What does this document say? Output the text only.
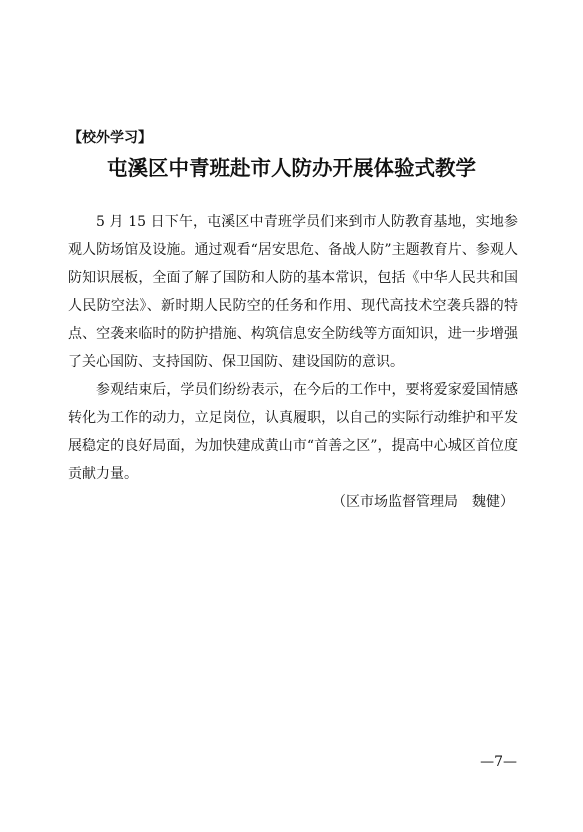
【校外学习】
屯溪区中青班赴市人防办开展体验式教学

5 月 15 日下午，屯溪区中青班学员们来到市人防教育基地，实地参观人防场馆及设施。通过观看“居安思危、备战人防”主题教育片、参观人防知识展板，全面了解了国防和人防的基本常识，包括《中华人民共和国人民防空法》、新时期人民防空的任务和作用、现代高技术空袭兵器的特点、空袭来临时的防护措施、构筑信息安全防线等方面知识，进一步增强了关心国防、支持国防、保卫国防、建设国防的意识。

参观结束后，学员们纷纷表示，在今后的工作中，要将爱家爱国情感转化为工作的动力，立足岗位，认真履职，以自己的实际行动维护和平发展稳定的良好局面，为加快建成黄山市“首善之区”，提高中心城区首位度贡献力量。

（区市场监督管理局　魏健）

—7—
